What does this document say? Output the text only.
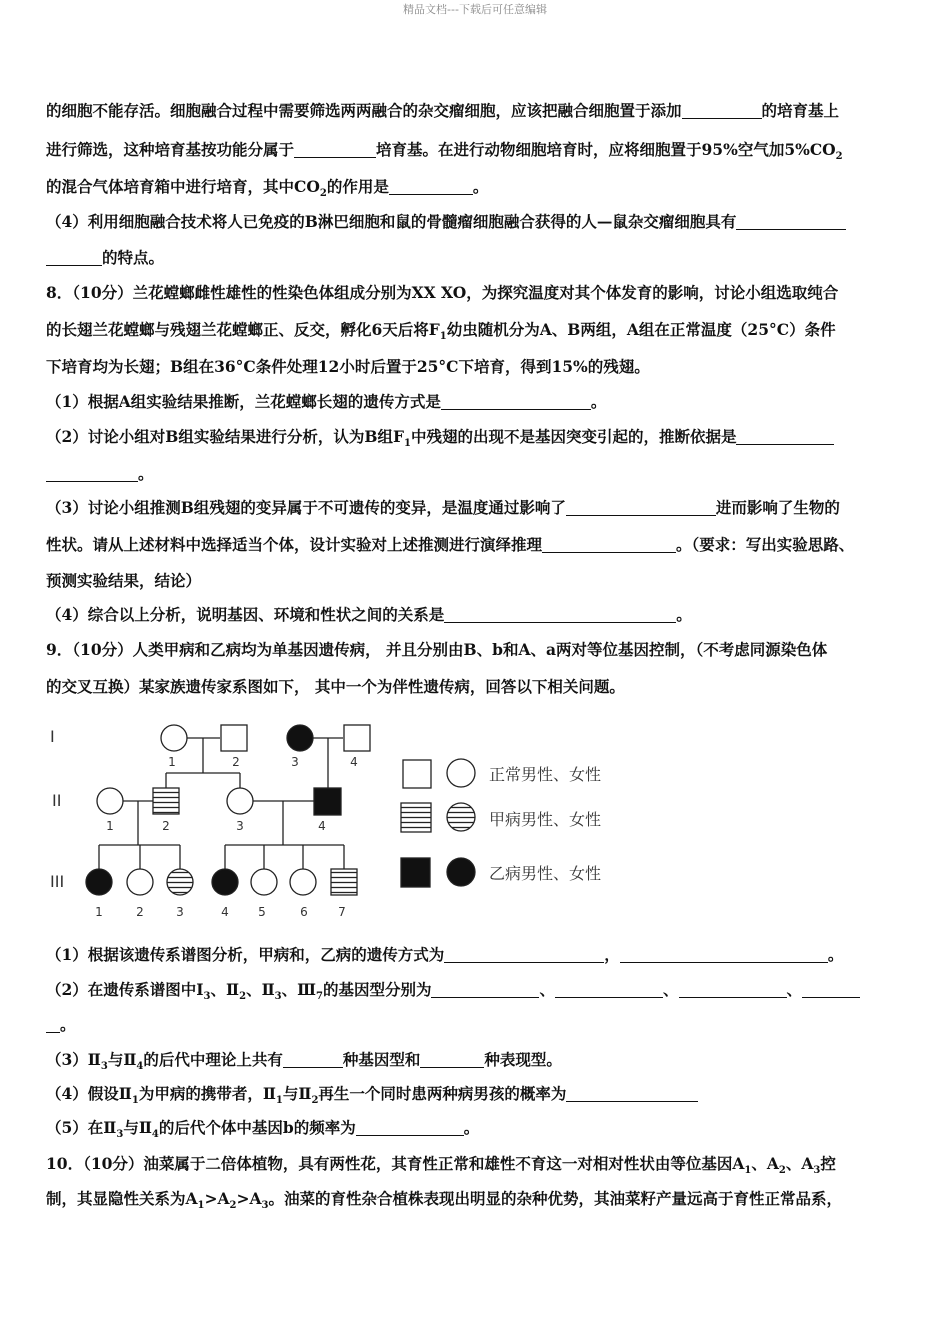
精品文档---下载后可任意编辑
的细胞不能存活。细胞融合过程中需要筛选两两融合的杂交瘤细胞，应该把融合细胞置于添加	的培育基上
进行筛选，这种培育基按功能分属于	培育基。在进行动物细胞培育时，应将细胞置于95%空气加$5\%CO_2$
的混合气体培育箱中进行培育，其中$CO_2$的作用是	。
（4）利用细胞融合技术将人已免疫的B淋巴细胞和鼠的骨髓瘤细胞融合获得的人—鼠杂交瘤细胞具有
的特点。
8．（10分）兰花螳螂雌性雄性的性染色体组成分别为XX XO，为探究温度对其个体发育的影响，讨论小组选取纯合
的长翅兰花螳螂与残翅兰花螳螂正、反交，孵化6天后将$F_1$幼虫随机分为A、B两组，A组在正常温度（25°C）条件
下培育均为长翅；B组在36°C条件处理12小时后置于25°C下培育，得到15%的残翅。
（1）根据A组实验结果推断，兰花螳螂长翅的遗传方式是	。
（2）讨论小组对B组实验结果进行分析，认为B组$F_1$中残翅的出现不是基因突变引起的，推断依据是
。
（3）讨论小组推测B组残翅的变异属于不可遗传的变异，是温度通过影响了	进而影响了生物的
性状。请从上述材料中选择适当个体，设计实验对上述推测进行演绎推理	。（要求：写出实验思路、
预测实验结果，结论）
（4）综合以上分析，说明基因、环境和性状之间的关系是	。
9．（10分）人类甲病和乙病均为单基因遗传病， 并且分别由B、b和A、a两对等位基因控制，（不考虑同源染色体
的交叉互换）某家族遗传家系图如下， 其中一个为伴性遗传病，回答以下相关问题。
I
II
III
1	2	3	4
1	2	3	4
1	2	3	4 5	6	7
正常男性、女性
甲病男性、女性
乙病男性、女性
（1）根据该遗传系谱图分析，甲病和，乙病的遗传方式为	，	。
（2）在遗传系谱图中$I_3$、$Ⅱ_2$、$Ⅱ_3$、$Ⅲ_7$的基因型分别为	、	、	、
。
$(3)Ⅱ_3$与$Ⅱ_4$的后代中理论上共有	种基因型和	种表现型。
（4）假设$Ⅱ_1$为甲病的携带者，$Ⅱ_1$与$Ⅱ_2$再生一个同时患两种病男孩的概率为
（5）在$Ⅱ_3$与$Ⅱ_4$的后代个体中基因b的频率为	。
10．（10分）油菜属于二倍体植物，具有两性花，其育性正常和雄性不育这一对相对性状由等位基因$A_1$、$A_2$、$A_3$控
制，其显隐性关系为$A_1>A_2>A_3$。油菜的育性杂合植株表现出明显的杂种优势，其油菜籽产量远高于育性正常品系，
